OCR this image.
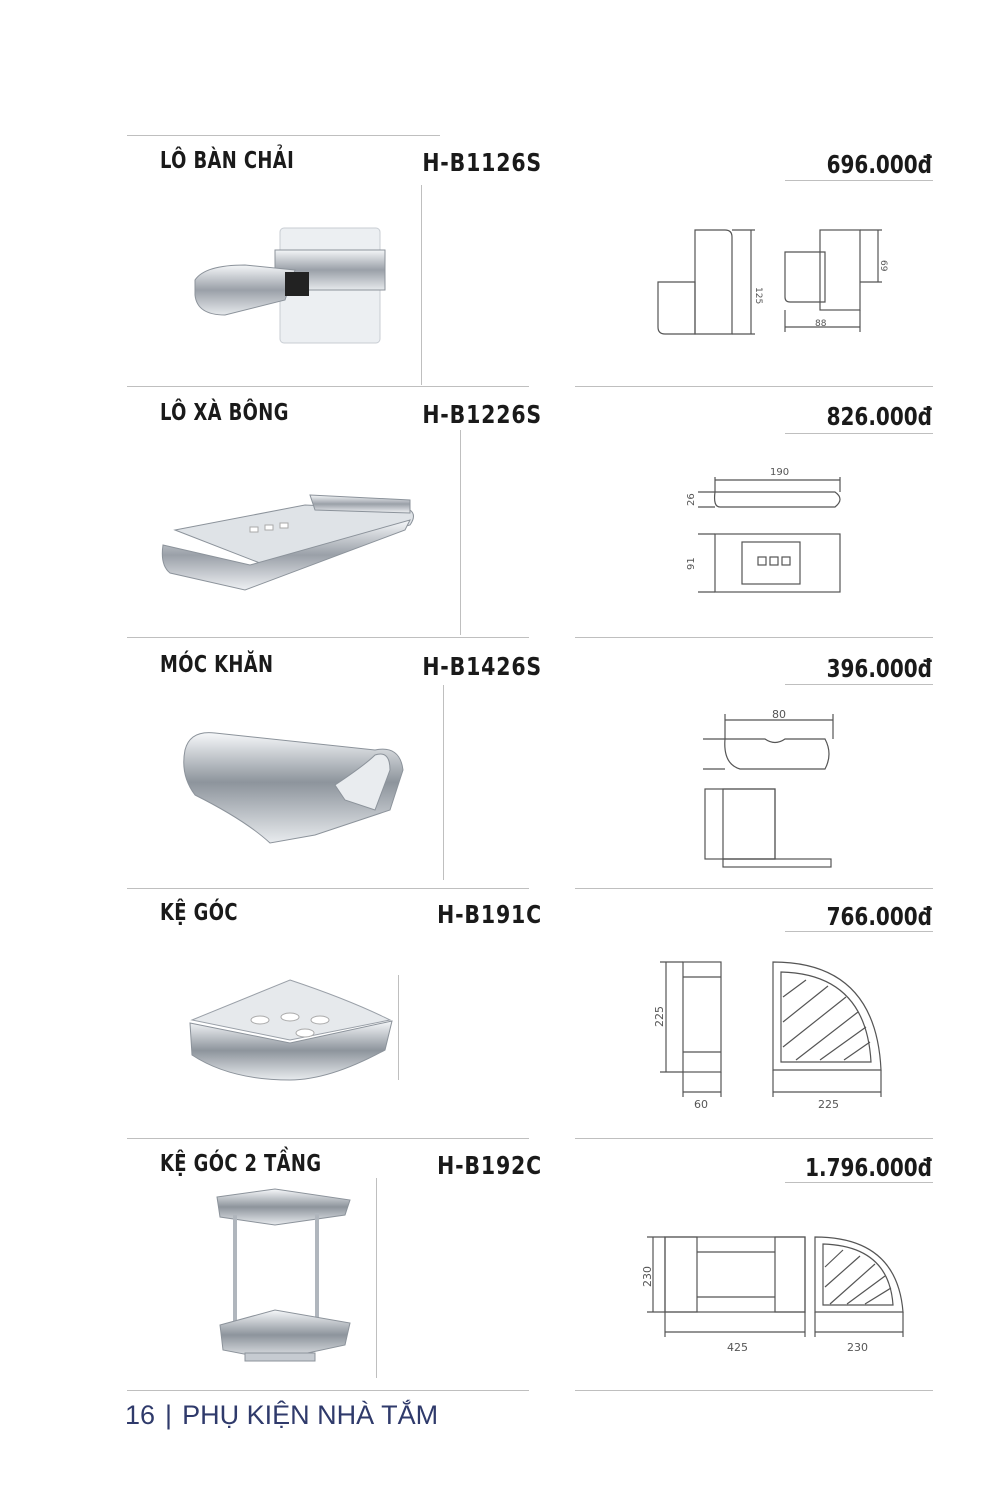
LÔ BÀN CHẢI	H-B1126S	696.000đ
125
69
88
LÔ XÀ BÔNG	H-B1226S	826.000đ
190
26
91
MÓC KHĂN	H-B1426S	396.000đ
80
KỆ GÓC	H-B191C	766.000đ
225
60	225
KỆ GÓC 2 TẦNG	H-B192C	1.796.000đ
230
425	230
16 | PHỤ KIỆN NHÀ TẮM
